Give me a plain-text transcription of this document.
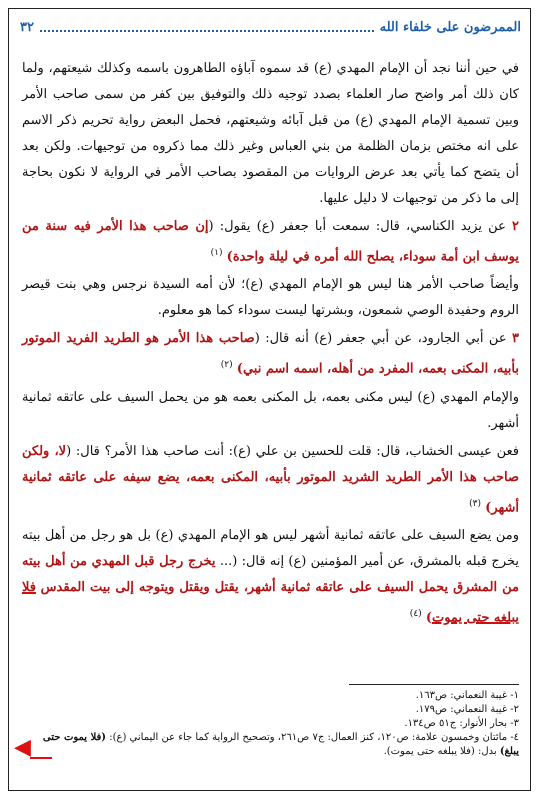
الممرضون على خلفاء الله
٣٢

في حين أننا نجد أن الإمام المهدي (ع) قد سموه آباؤه الطاهرون باسمه وكذلك شيعتهم، ولما كان ذلك أمر واضح صار العلماء بصدد توجيه ذلك والتوفيق بين كفر من سمى صاحب الأمر وبين تسمية الإمام المهدي (ع) من قبل آبائه وشيعتهم، فحمل البعض رواية تحريم ذكر الاسم على انه مختص بزمان الظلمة من بني العباس وغير ذلك مما ذكروه من توجيهات. ولكن بعد أن يتضح كما يأتي بعد عرض الروايات من المقصود بصاحب الأمر في الرواية لا نكون بحاجة إلى ما ذكر من توجيهات لا دليل عليها.

٢ عن يزيد الكناسي، قال: سمعت أبا جعفر (ع) يقول: (إن صاحب هذا الأمر فيه سنة من يوسف ابن أمة سوداء، يصلح الله أمره في ليلة واحدة) $^{(١)}$

وأيضاً صاحب الأمر هنا ليس هو الإمام المهدي (ع)؛ لأن أمه السيدة نرجس وهي بنت قيصر الروم وحفيدة الوصي شمعون، وبشرتها ليست سوداء كما هو معلوم.

٣ عن أبي الجارود، عن أبي جعفر (ع) أنه قال: (صاحب هذا الأمر هو الطريد الفريد الموتور بأبيه، المكنى بعمه، المفرد من أهله، اسمه اسم نبي) $^{(٢)}$

والإمام المهدي (ع) ليس مكنى بعمه، بل المكنى بعمه هو من يحمل السيف على عاتقه ثمانية أشهر.

فعن عيسى الخشاب، قال: قلت للحسين بن علي (ع): أنت صاحب هذا الأمر؟ قال: (لا، ولكن صاحب هذا الأمر الطريد الشريد الموتور بأبيه، المكنى بعمه، يضع سيفه على عاتقه ثمانية أشهر) $^{(٣)}$

ومن يضع السيف على عاتقه ثمانية أشهر ليس هو الإمام المهدي (ع) بل هو رجل من أهل بيته يخرج قبله بالمشرق، عن أمير المؤمنين (ع) إنه قال: (... يخرج رجل قبل المهدي من أهل بيته من المشرق يحمل السيف على عاتقه ثمانية أشهر، يقتل ويقتل ويتوجه إلى بيت المقدس فلا يبلغه حتى يموت) $^{(٤)}$

١- غيبة النعماني: ص١٦٣.
٢- غيبة النعماني: ص١٧٩.
٣- بحار الأنوار: ج٥١ ص١٣٤.
٤- مائتان وخمسون علامة: ص١٢٠، كنز العمال: ج٧ ص٢٦١، وتصحيح الرواية كما جاء عن اليماني (ع): (فلا يموت حتى يبلغ) بدل: (فلا يبلغه حتى يموت).
◀
